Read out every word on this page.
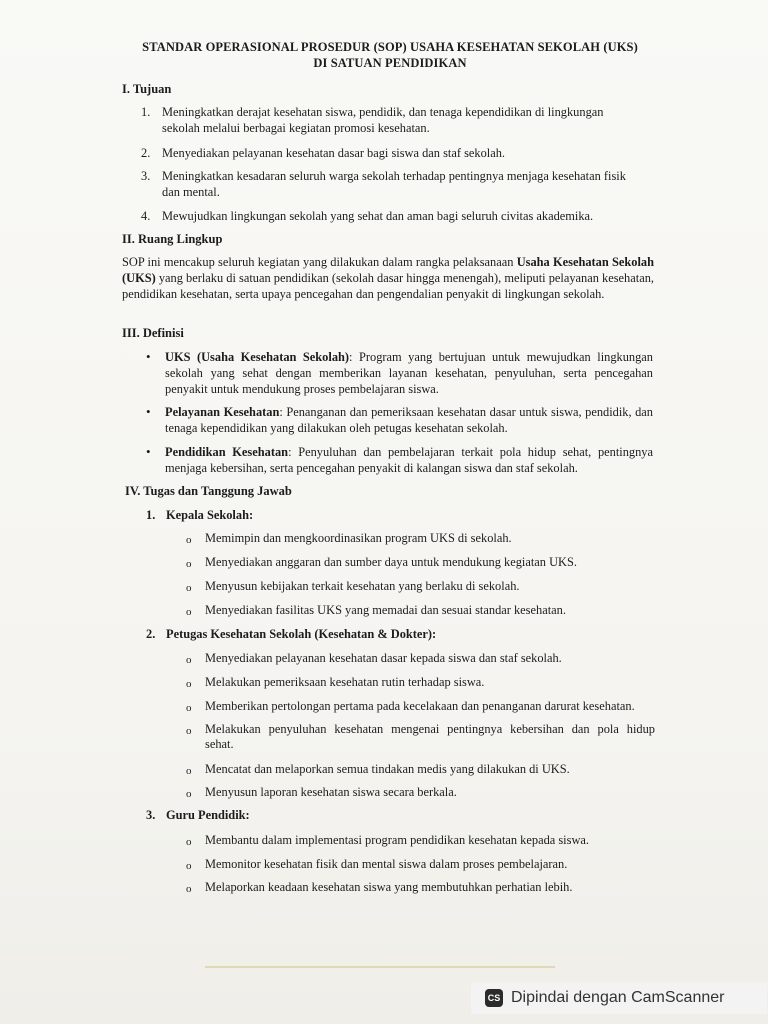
STANDAR OPERASIONAL PROSEDUR (SOP) USAHA KESEHATAN SEKOLAH (UKS)
DI SATUAN PENDIDIKAN
I. Tujuan
1. Meningkatkan derajat kesehatan siswa, pendidik, dan tenaga kependidikan di lingkungan
sekolah melalui berbagai kegiatan promosi kesehatan.
2. Menyediakan pelayanan kesehatan dasar bagi siswa dan staf sekolah.
3. Meningkatkan kesadaran seluruh warga sekolah terhadap pentingnya menjaga kesehatan fisik
dan mental.
4. Mewujudkan lingkungan sekolah yang sehat dan aman bagi seluruh civitas akademika.
II. Ruang Lingkup
SOP ini mencakup seluruh kegiatan yang dilakukan dalam rangka pelaksanaan Usaha Kesehatan Sekolah (UKS) yang berlaku di satuan pendidikan (sekolah dasar hingga menengah), meliputi pelayanan kesehatan, pendidikan kesehatan, serta upaya pencegahan dan pengendalian penyakit di lingkungan sekolah.
III. Definisi
• UKS (Usaha Kesehatan Sekolah): Program yang bertujuan untuk mewujudkan lingkungan sekolah yang sehat dengan memberikan layanan kesehatan, penyuluhan, serta pencegahan penyakit untuk mendukung proses pembelajaran siswa.
• Pelayanan Kesehatan: Penanganan dan pemeriksaan kesehatan dasar untuk siswa, pendidik, dan tenaga kependidikan yang dilakukan oleh petugas kesehatan sekolah.
• Pendidikan Kesehatan: Penyuluhan dan pembelajaran terkait pola hidup sehat, pentingnya menjaga kebersihan, serta pencegahan penyakit di kalangan siswa dan staf sekolah.
IV. Tugas dan Tanggung Jawab
1. Kepala Sekolah:
o Memimpin dan mengkoordinasikan program UKS di sekolah.
o Menyediakan anggaran dan sumber daya untuk mendukung kegiatan UKS.
o Menyusun kebijakan terkait kesehatan yang berlaku di sekolah.
o Menyediakan fasilitas UKS yang memadai dan sesuai standar kesehatan.
2. Petugas Kesehatan Sekolah (Kesehatan & Dokter):
o Menyediakan pelayanan kesehatan dasar kepada siswa dan staf sekolah.
o Melakukan pemeriksaan kesehatan rutin terhadap siswa.
o Memberikan pertolongan pertama pada kecelakaan dan penanganan darurat kesehatan.
o Melakukan penyuluhan kesehatan mengenai pentingnya kebersihan dan pola hidup
sehat.
o Mencatat dan melaporkan semua tindakan medis yang dilakukan di UKS.
o Menyusun laporan kesehatan siswa secara berkala.
3. Guru Pendidik:
o Membantu dalam implementasi program pendidikan kesehatan kepada siswa.
o Memonitor kesehatan fisik dan mental siswa dalam proses pembelajaran.
o Melaporkan keadaan kesehatan siswa yang membutuhkan perhatian lebih.
CS Dipindai dengan CamScanner
